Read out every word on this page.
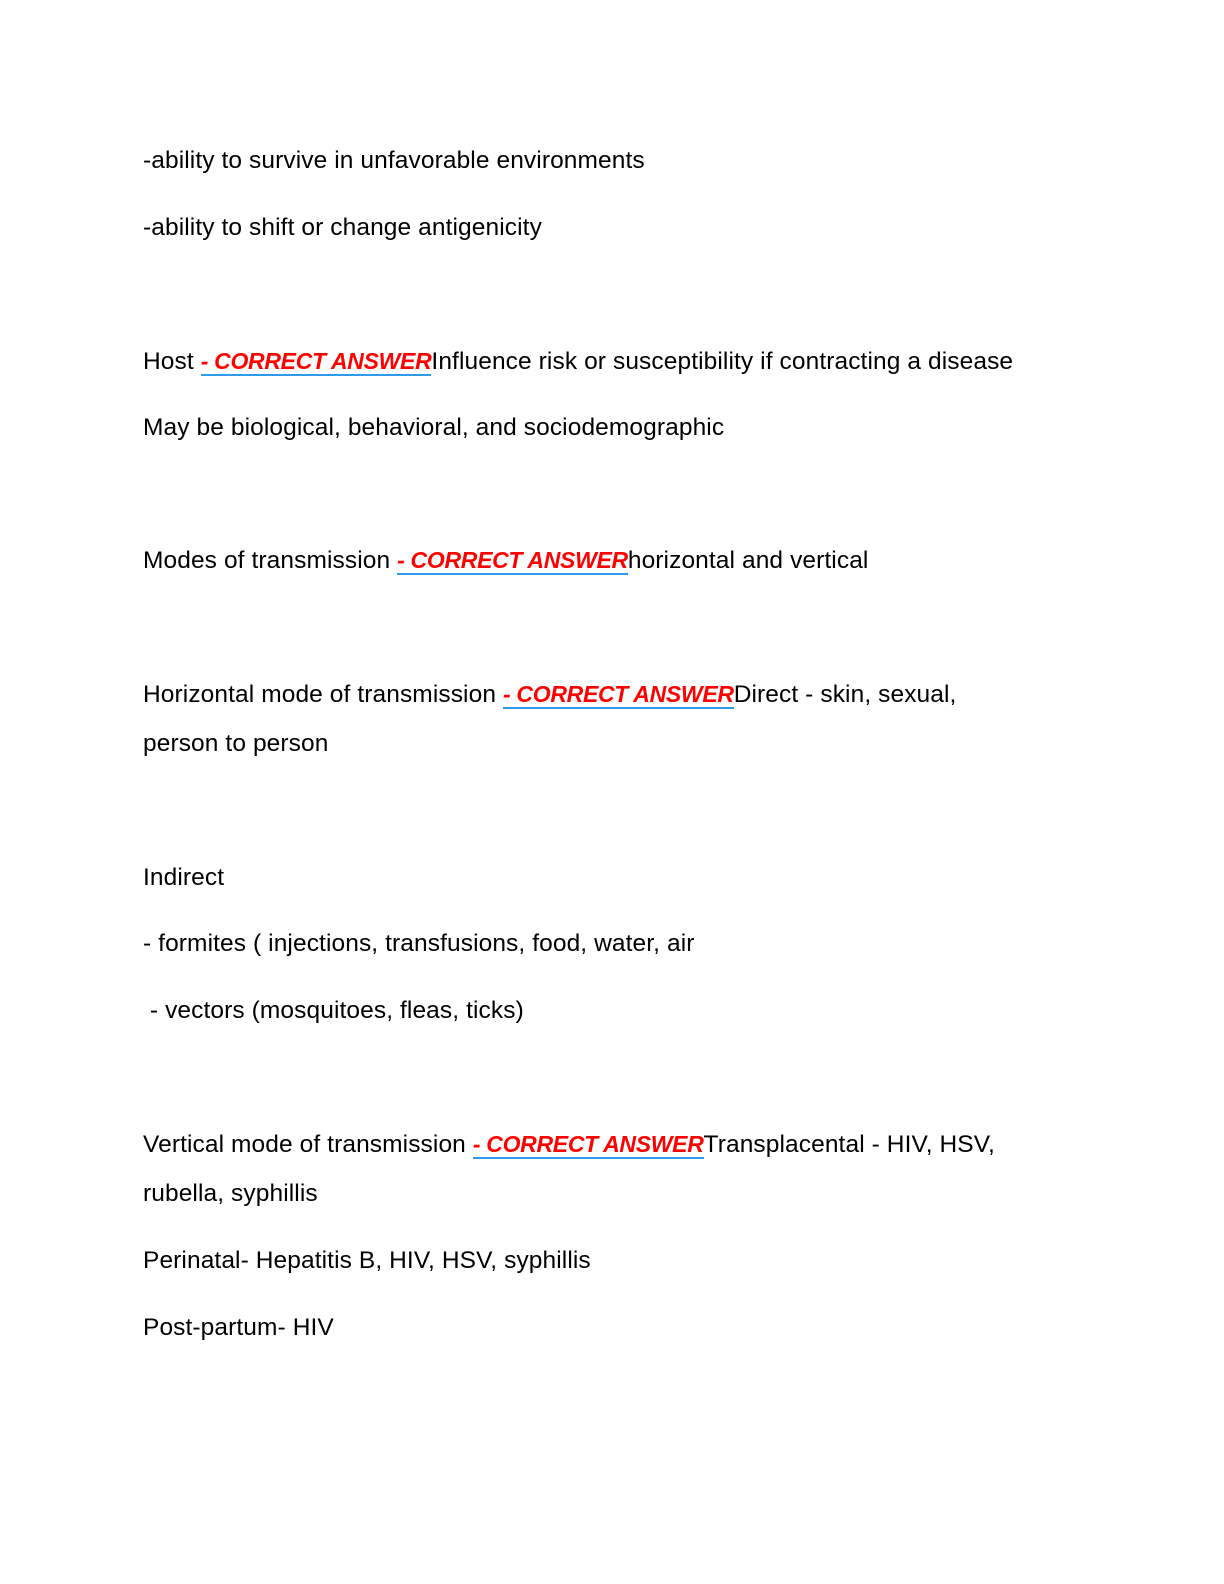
-ability to survive in unfavorable environments
-ability to shift or change antigenicity
Host - CORRECT ANSWERInfluence risk or susceptibility if contracting a disease
May be biological, behavioral, and sociodemographic
Modes of transmission - CORRECT ANSWERhorizontal and vertical
Horizontal mode of transmission - CORRECT ANSWERDirect - skin, sexual,
person to person
Indirect
- formites ( injections, transfusions, food, water, air
- vectors (mosquitoes, fleas, ticks)
Vertical mode of transmission - CORRECT ANSWERTransplacental - HIV, HSV,
rubella, syphillis
Perinatal- Hepatitis B, HIV, HSV, syphillis
Post-partum- HIV
